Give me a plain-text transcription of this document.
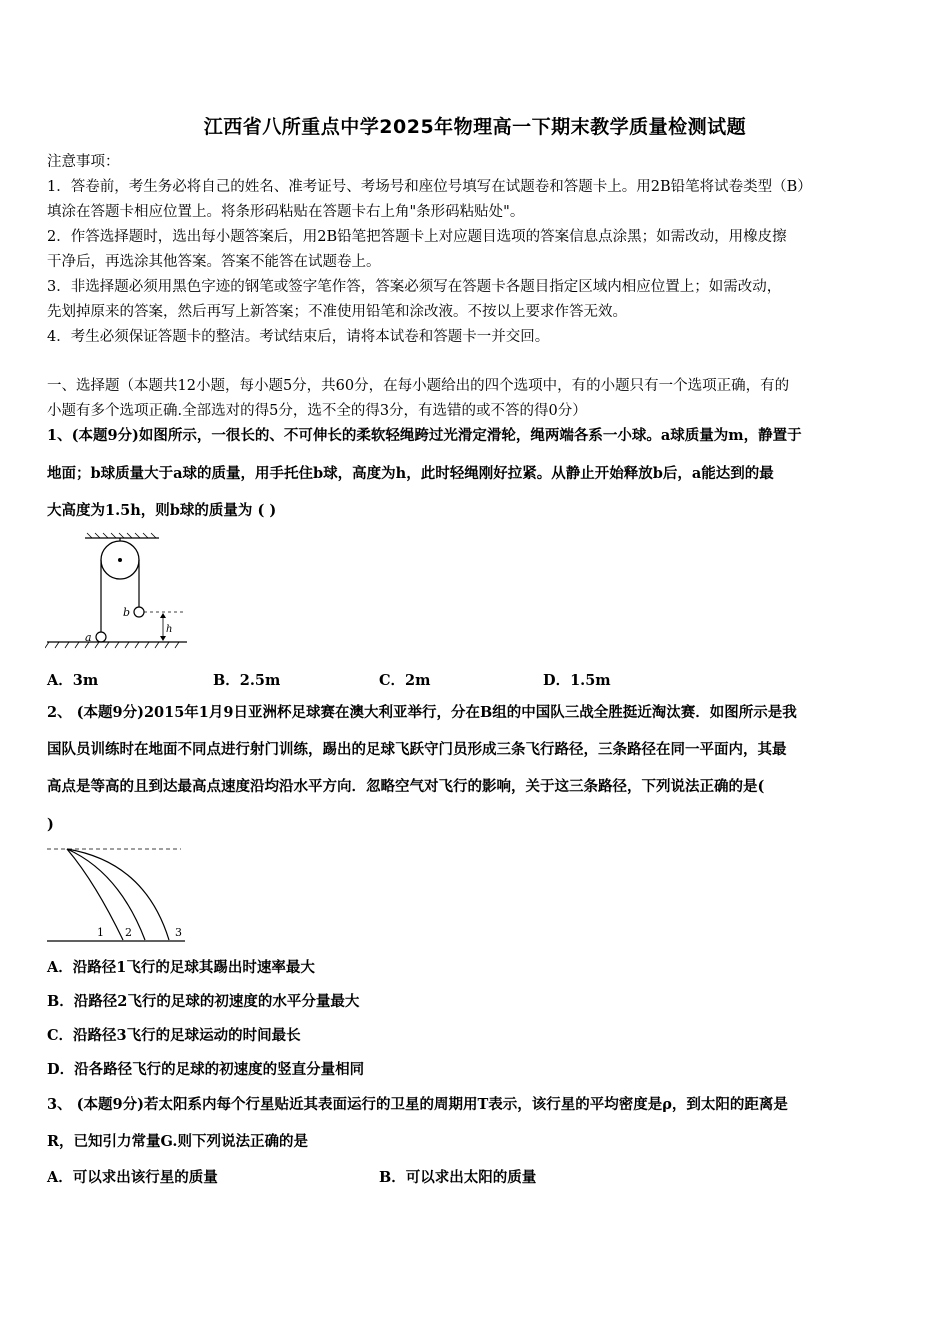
江西省八所重点中学2025年物理高一下期末教学质量检测试题
注意事项：
1．答卷前，考生务必将自己的姓名、准考证号、考场号和座位号填写在试题卷和答题卡上。用2B铅笔将试卷类型（B）
填涂在答题卡相应位置上。将条形码粘贴在答题卡右上角"条形码粘贴处"。
2．作答选择题时，选出每小题答案后，用2B铅笔把答题卡上对应题目选项的答案信息点涂黑；如需改动，用橡皮擦
干净后，再选涂其他答案。答案不能答在试题卷上。
3．非选择题必须用黑色字迹的钢笔或签字笔作答，答案必须写在答题卡各题目指定区域内相应位置上；如需改动，
先划掉原来的答案，然后再写上新答案；不准使用铅笔和涂改液。不按以上要求作答无效。
4．考生必须保证答题卡的整洁。考试结束后，请将本试卷和答题卡一并交回。
一、选择题（本题共12小题，每小题5分，共60分，在每小题给出的四个选项中，有的小题只有一个选项正确，有的
小题有多个选项正确.全部选对的得5分，选不全的得3分，有选错的或不答的得0分）
1、(本题9分)如图所示，一很长的、不可伸长的柔软轻绳跨过光滑定滑轮，绳两端各系一小球。a球质量为m，静置于
地面；b球质量大于a球的质量，用手托住b球，高度为h，此时轻绳刚好拉紧。从静止开始释放b后，a能达到的最
大高度为1.5h，则b球的质量为 ( )
b
a
h
A．3m	B．2.5m	C．2m	D．1.5m
2、 (本题9分)2015年1月9日亚洲杯足球赛在澳大利亚举行，分在B组的中国队三战全胜挺近淘汰赛．如图所示是我
国队员训练时在地面不同点进行射门训练，踢出的足球飞跃守门员形成三条飞行路径，三条路径在同一平面内，其最
高点是等高的且到达最高点速度沿均沿水平方向．忽略空气对飞行的影响，关于这三条路径，下列说法正确的是(
)
1 2	3
A．沿路径1飞行的足球其踢出时速率最大
B．沿路径2飞行的足球的初速度的水平分量最大
C．沿路径3飞行的足球运动的时间最长
D．沿各路径飞行的足球的初速度的竖直分量相同
3、 (本题9分)若太阳系内每个行星贴近其表面运行的卫星的周期用T表示，该行星的平均密度是ρ，到太阳的距离是
R，已知引力常量G.则下列说法正确的是
A．可以求出该行星的质量	B．可以求出太阳的质量
